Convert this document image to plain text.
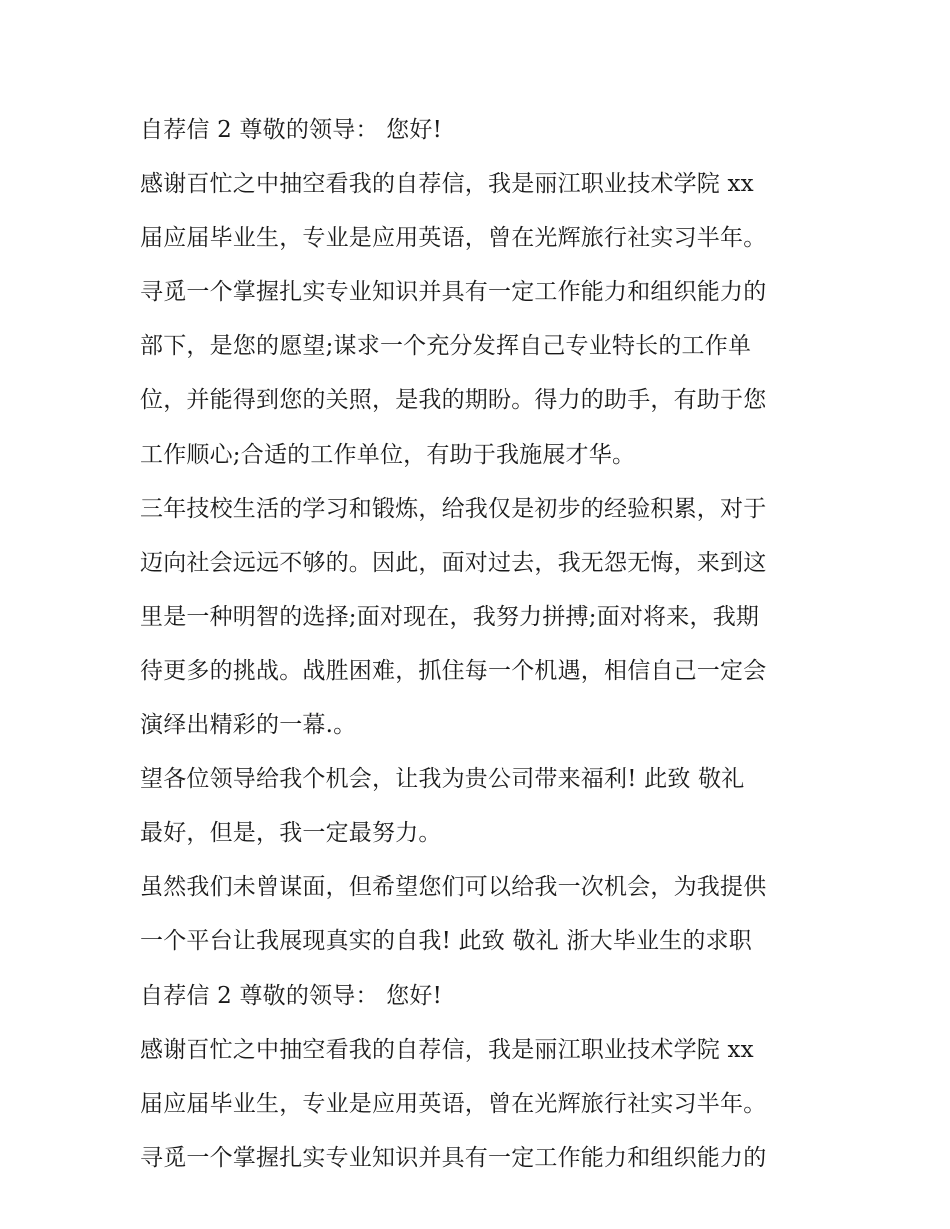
自荐信 2 尊敬的领导： 您好!
感谢百忙之中抽空看我的自荐信，我是丽江职业技术学院 xx
届应届毕业生，专业是应用英语，曾在光辉旅行社实习半年。
寻觅一个掌握扎实专业知识并具有一定工作能力和组织能力的
部下，是您的愿望;谋求一个充分发挥自己专业特长的工作单
位，并能得到您的关照，是我的期盼。得力的助手，有助于您
工作顺心;合适的工作单位，有助于我施展才华。
三年技校生活的学习和锻炼，给我仅是初步的经验积累，对于
迈向社会远远不够的。因此，面对过去，我无怨无悔，来到这
里是一种明智的选择;面对现在，我努力拼搏;面对将来，我期
待更多的挑战。战胜困难，抓住每一个机遇，相信自己一定会
演绎出精彩的一幕.。
望各位领导给我个机会，让我为贵公司带来福利! 此致 敬礼
最好，但是，我一定最努力。
虽然我们未曾谋面，但希望您们可以给我一次机会，为我提供
一个平台让我展现真实的自我! 此致 敬礼 浙大毕业生的求职
自荐信 2 尊敬的领导： 您好!
感谢百忙之中抽空看我的自荐信，我是丽江职业技术学院 xx
届应届毕业生，专业是应用英语，曾在光辉旅行社实习半年。
寻觅一个掌握扎实专业知识并具有一定工作能力和组织能力的
